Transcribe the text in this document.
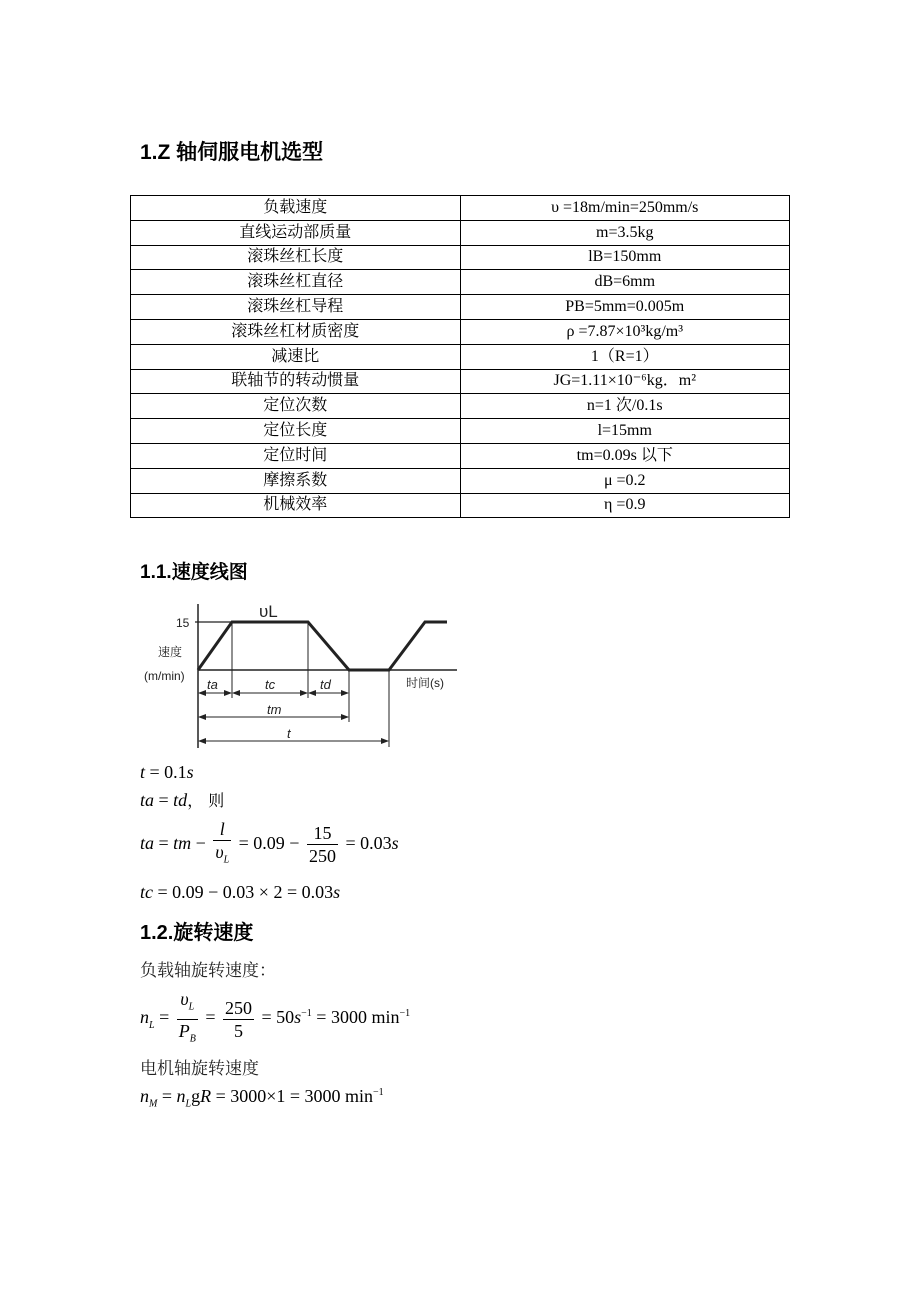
1.Z 轴伺服电机选型
负载速度	υ =18m/min=250mm/s
直线运动部质量	m=3.5kg
滚珠丝杠长度	lB=150mm
滚珠丝杠直径	dB=6mm
滚珠丝杠导程	PB=5mm=0.005m
滚珠丝杠材质密度	ρ =7.87×10³kg/m³
减速比	1（R=1）
联轴节的转动惯量	JG=1.11×10⁻⁶kg．m²
定位次数	n=1 次/0.1s
定位长度	l=15mm
定位时间	tm=0.09s 以下
摩擦系数	μ =0.2
机械效率	η =0.9
1.1.速度线图
15
速度
(m/min)	时间(s)
υL
ta	tc	td
tm
t
t = 0.1s
ta = td， 则
ta = tm − $\frac{l}{\upsilon_L} = 0.09 - \frac{15}{250} = 0.03s$
tc = 0.09 − 0.03 × 2 = 0.03s
1.2.旋转速度
负载轴旋转速度：
$n_L = \frac{\upsilon_L}{P_B} = \frac{250}{5} = 50s^{-1} = 3000$ $\min^{-1}$
电机轴旋转速度
$n_M = n_LgR = 3000\times 1 = 3000$ $\min^{-1}$
